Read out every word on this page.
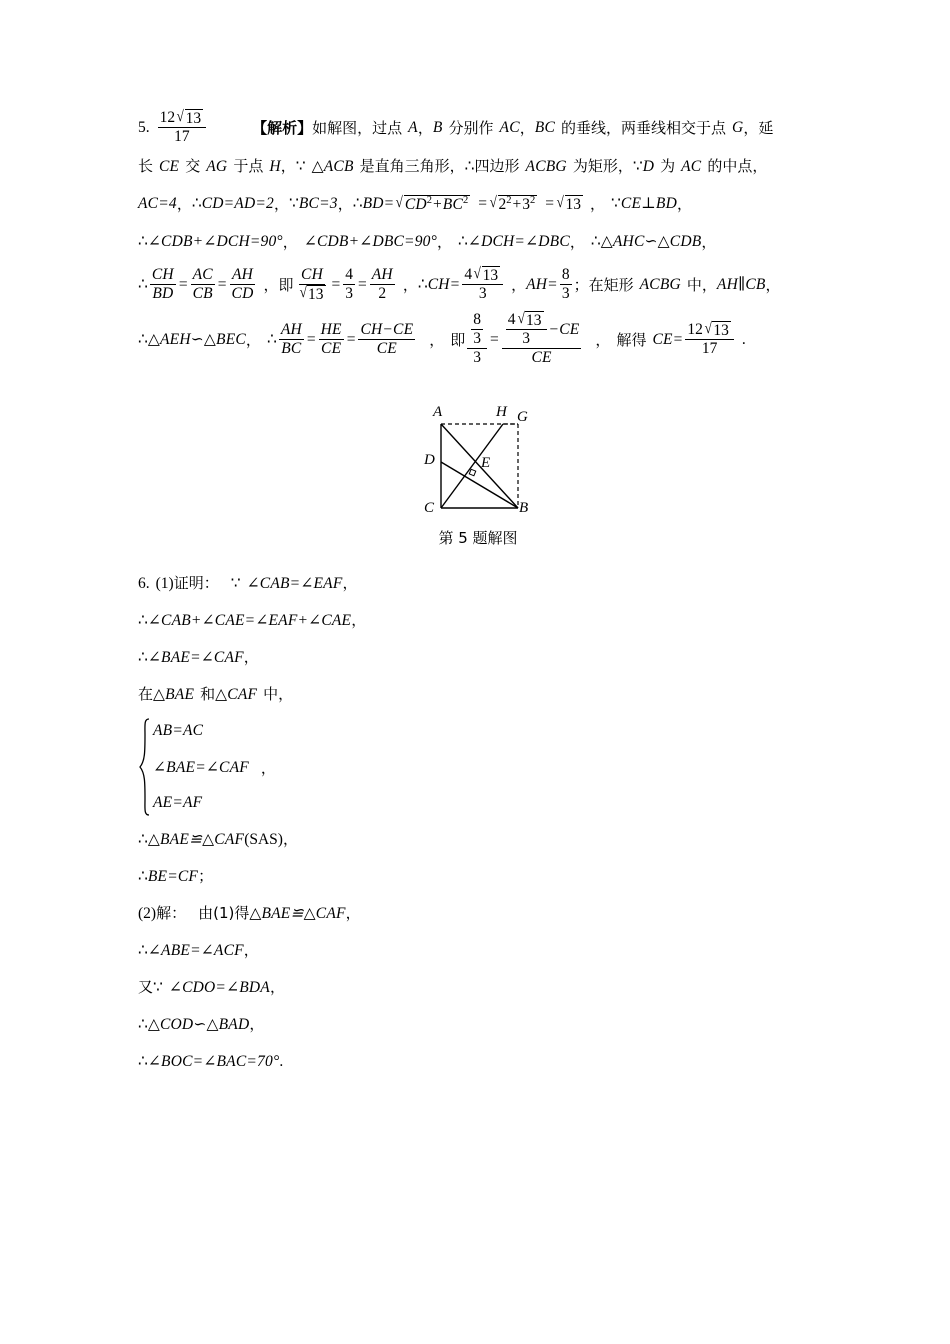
5. $\frac{12 √ 13}{17}$	【解析】 如解图，过点 A ， B 分别作 AC ， BC 的垂线，两垂线相交于点 G ，延
长 CE 交 AG 于点 H ， ∵ △ACB 是直角三角形， ∴ 四边形 ACBG 为矩形， ∵ D 为 AC 的中点，
AC=4 ， ∴ CD=AD=2 ， ∵ BC=3 ， ∴ BD= √ $CD^2+BC^2$ = √ $2^2+3^2$ = √ 13 ， ∵ CE⊥BD ，
∴ ∠CDB+∠DCH=90° ， ∠CDB+∠DBC=90° ， ∴ ∠DCH=∠DBC ， ∴ △AHC∽△CDB ，
∴ $\frac{CH}{BD} = \frac{AC}{CB} = \frac{AH}{CD}$ ， 即 $\frac{CH}{√ 13} = \frac{4}{3} = \frac{AH}{2}$ ， ∴ $CH= \frac{4 √ 13}{3}$ ， $AH= \frac{8}{3}$ ； 在矩形 ACBG 中， AH∥CB ，
∴ △AEH∽△BEC ， ∴ $\frac{AH}{BC} = \frac{HE}{CE} = \frac{CH-CE}{CE}$ ， 即 $\frac{\frac{8}{3}}{3} = \frac{4 √ 13}{3} -CE$
CE
， 解得 $CE= \frac{12 √ 13}{17}$ .
A	H G
D	E
C	B
第 5 题解图
6. (1) 证明： ∵ ∠CAB=∠EAF ，
∴ ∠CAB+∠CAE=∠EAF+∠CAE ，
∴ ∠BAE=∠CAF ，
在 △BAE 和 △CAF 中，
AB=AC
∠BAE=∠CAF ，
AE=AF
∴ △BAE≌△CAF (SAS) ，
∴ BE=CF ；
(2) 解： 由(1)得 △BAE≌△CAF ，
∴ ∠ABE=∠ACF ，
又 ∵ ∠CDO=∠BDA ，
∴ △COD∽△BAD ，
∴ ∠BOC=∠BAC=70° .
